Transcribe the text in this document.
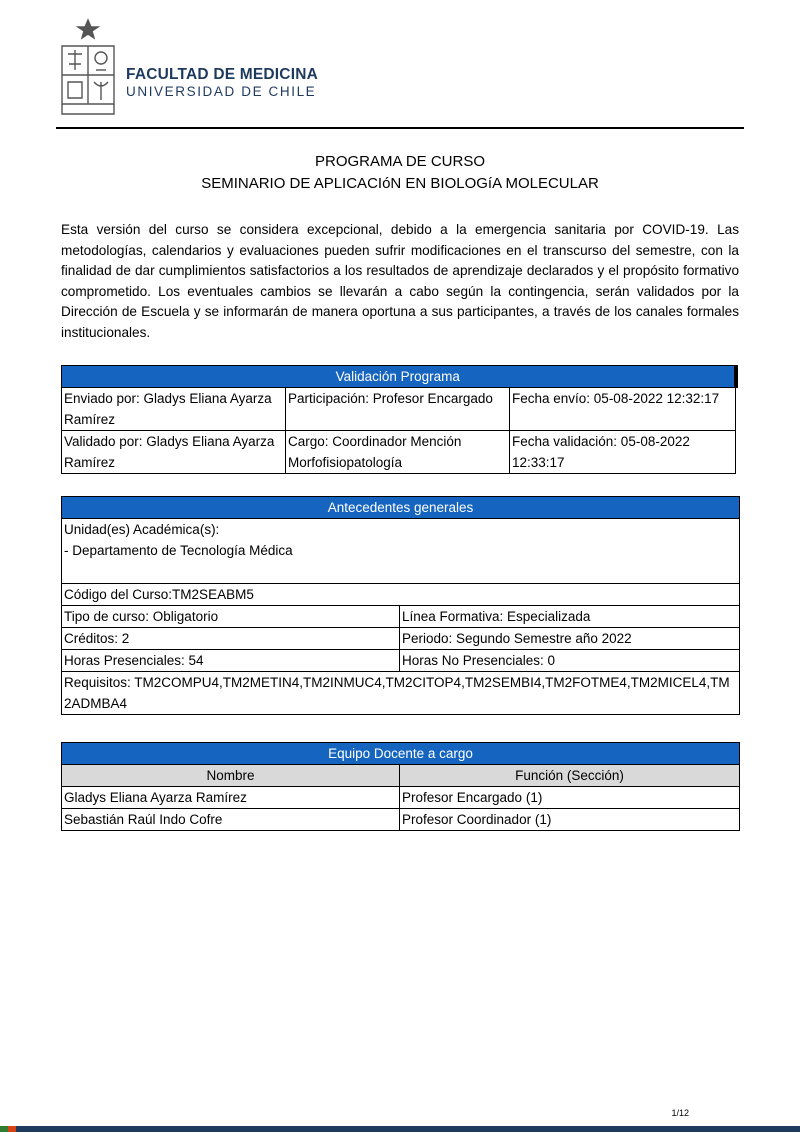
FACULTAD DE MEDICINA
UNIVERSIDAD DE CHILE
PROGRAMA DE CURSO
SEMINARIO DE APLICACIóN EN BIOLOGíA MOLECULAR

Esta versión del curso se considera excepcional, debido a la emergencia sanitaria por COVID-19. Las metodologías, calendarios y evaluaciones pueden sufrir modificaciones en el transcurso del semestre, con la finalidad de dar cumplimientos satisfactorios a los resultados de aprendizaje declarados y el propósito formativo comprometido. Los eventuales cambios se llevarán a cabo según la contingencia, serán validados por la Dirección de Escuela y se informarán de manera oportuna a sus participantes, a través de los canales formales institucionales.

Validación Programa		
Enviado por: Gladys Eliana Ayarza Ramírez	Participación: Profesor Encargado	Fecha envío: 05-08-2022 12:32:17
Validado por: Gladys Eliana Ayarza Ramírez	Cargo: Coordinador Mención Morfofisiopatología	Fecha validación: 05-08-2022 12:33:17
Antecedentes generales	

Unidad(es) Académica(s):
- Departamento de Tecnología Médica	

Código del Curso:TM2SEABM5	
Tipo de curso: Obligatorio	Línea Formativa: Especializada
Créditos: 2	Periodo: Segundo Semestre año 2022
Horas Presenciales: 54	Horas No Presenciales: 0
Requisitos: TM2COMPU4,TM2METIN4,TM2INMUC4,TM2CITOP4,TM2SEMBI4,TM2FOTME4,TM2MICEL4,TM2ADMBA4	
Equipo Docente a cargo	
Nombre	Función (Sección)
Gladys Eliana Ayarza Ramírez	Profesor Encargado (1)
Sebastián Raúl Indo Cofre	Profesor Coordinador (1)
1/12
